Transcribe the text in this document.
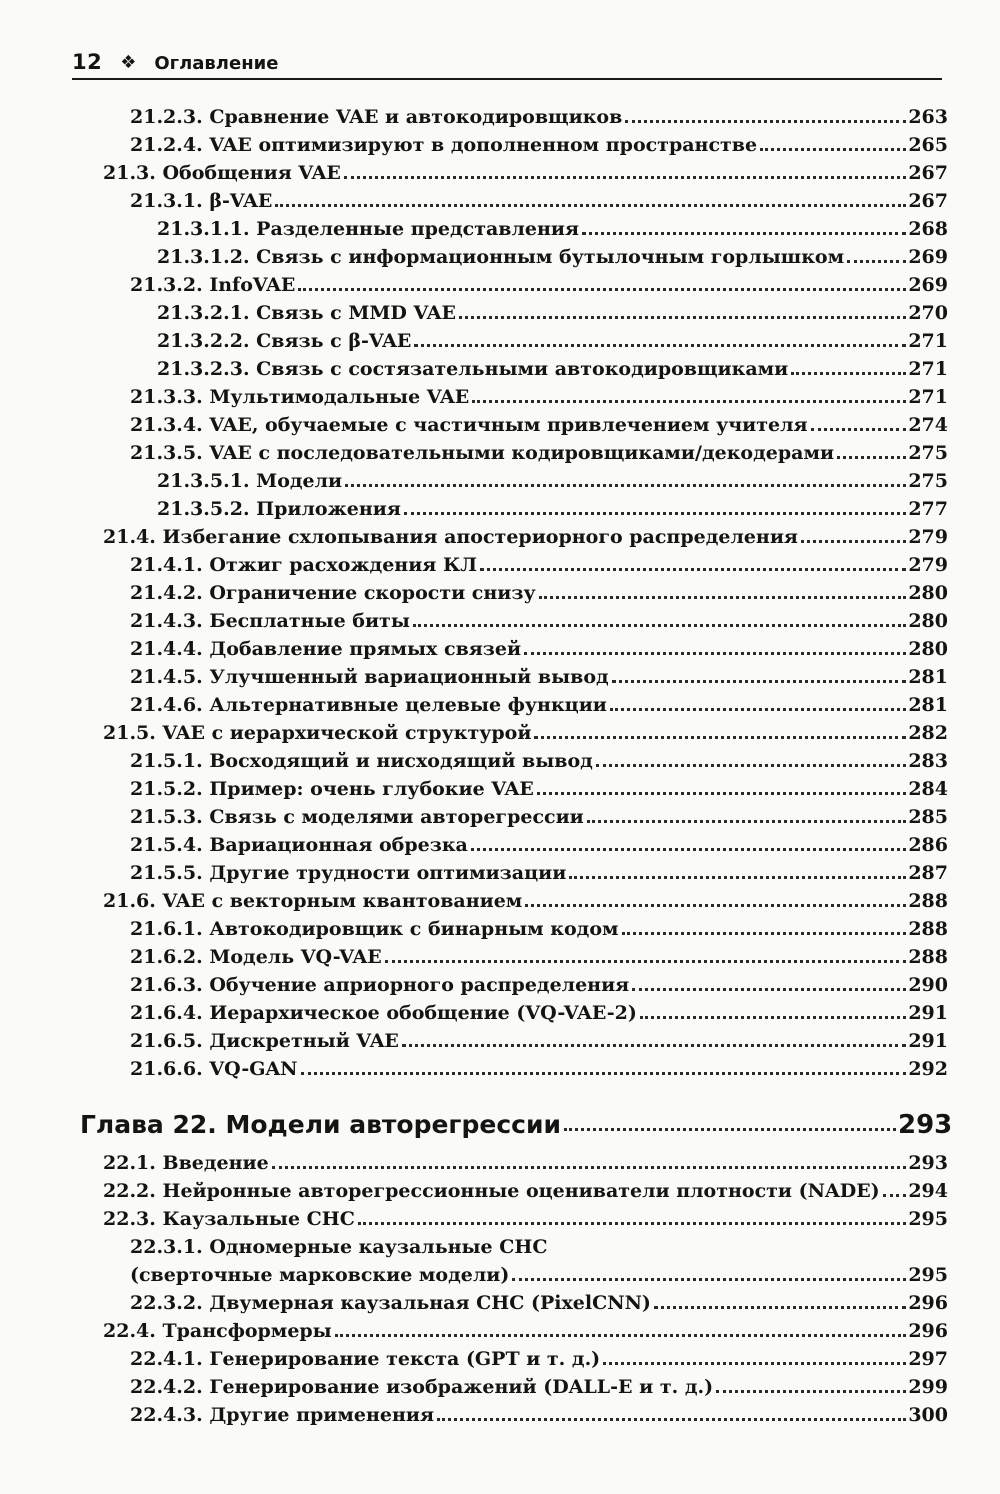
12 ❖ Оглавление
21.2.3. Сравнение VAE и автокодировщиков	263
21.2.4. VAE оптимизируют в дополненном пространстве	265
21.3. Обобщения VAE	267
21.3.1. β-VAE	267
21.3.1.1. Разделенные представления	268
21.3.1.2. Связь с информационным бутылочным горлышком	269
21.3.2. InfoVAE	269
21.3.2.1. Связь с MMD VAE	270
21.3.2.2. Связь с β-VAE	271
21.3.2.3. Связь с состязательными автокодировщиками	271
21.3.3. Мультимодальные VAE	271
21.3.4. VAE, обучаемые с частичным привлечением учителя	274
21.3.5. VAE с последовательными кодировщиками/декодерами	275
21.3.5.1. Модели	275
21.3.5.2. Приложения	277
21.4. Избегание схлопывания апостериорного распределения	279
21.4.1. Отжиг расхождения КЛ	279
21.4.2. Ограничение скорости снизу	280
21.4.3. Бесплатные биты	280
21.4.4. Добавление прямых связей	280
21.4.5. Улучшенный вариационный вывод	281
21.4.6. Альтернативные целевые функции	281
21.5. VAE с иерархической структурой	282
21.5.1. Восходящий и нисходящий вывод	283
21.5.2. Пример: очень глубокие VAE	284
21.5.3. Связь с моделями авторегрессии	285
21.5.4. Вариационная обрезка	286
21.5.5. Другие трудности оптимизации	287
21.6. VAE с векторным квантованием	288
21.6.1. Автокодировщик с бинарным кодом	288
21.6.2. Модель VQ-VAE	288
21.6.3. Обучение априорного распределения	290
21.6.4. Иерархическое обобщение (VQ-VAE-2)	291
21.6.5. Дискретный VAE	291
21.6.6. VQ-GAN	292
Глава 22. Модели авторегрессии	293
22.1. Введение	293
22.2. Нейронные авторегрессионные оцениватели плотности (NADE) 294
22.3. Каузальные СНС	295
22.3.1. Одномерные каузальные СНС
(сверточные марковские модели)	295
22.3.2. Двумерная каузальная СНС (PixelCNN)	296
22.4. Трансформеры	296
22.4.1. Генерирование текста (GPT и т. д.)	297
22.4.2. Генерирование изображений (DALL-E и т. д.)	299
22.4.3. Другие применения	300
